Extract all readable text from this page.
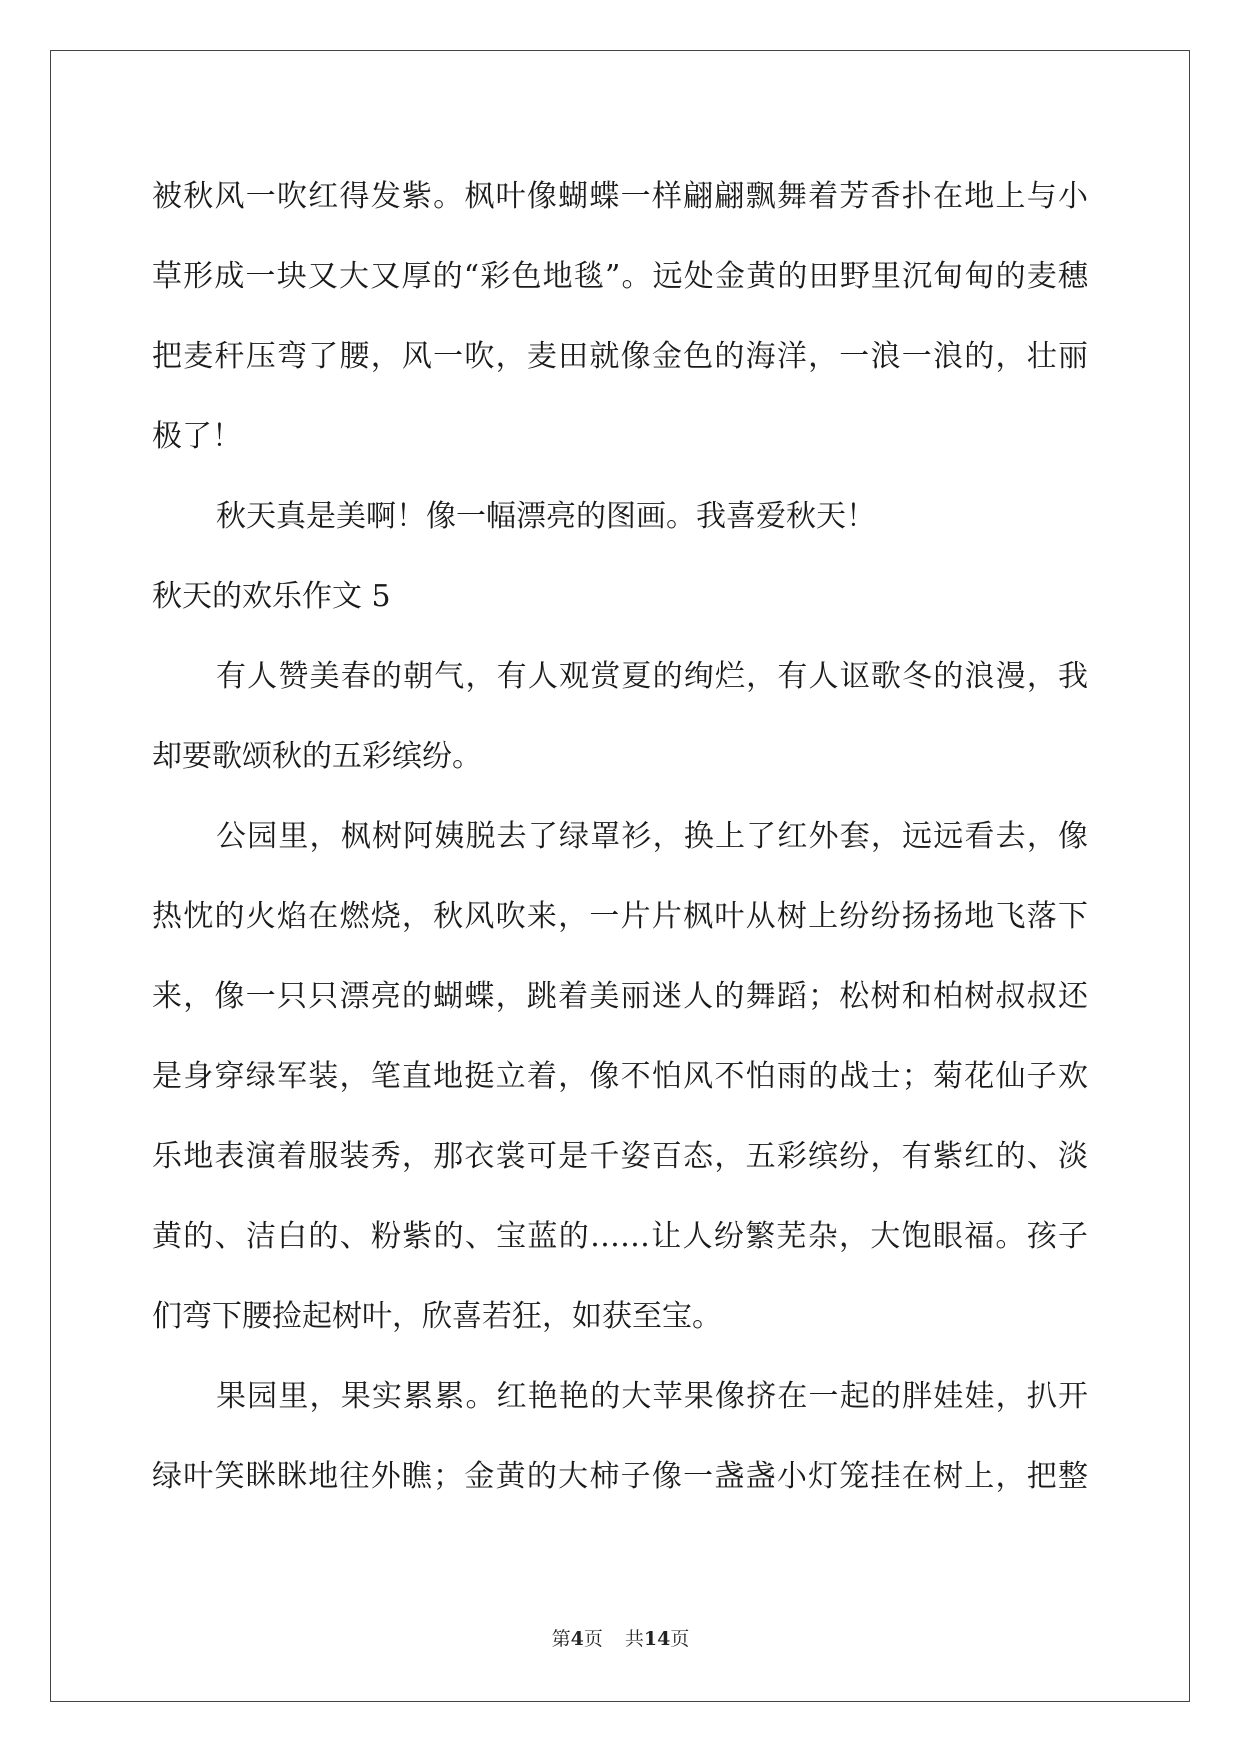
被秋风一吹红得发紫。枫叶像蝴蝶一样翩翩飘舞着芳香扑在地上与小
草形成一块又大又厚的“彩色地毯”。远处金黄的田野里沉甸甸的麦穗
把麦秆压弯了腰，风一吹，麦田就像金色的海洋，一浪一浪的，壮丽
极了！
秋天真是美啊！像一幅漂亮的图画。我喜爱秋天！
秋天的欢乐作文 5
有人赞美春的朝气，有人观赏夏的绚烂，有人讴歌冬的浪漫，我
却要歌颂秋的五彩缤纷。
公园里，枫树阿姨脱去了绿罩衫，换上了红外套，远远看去，像
热忱的火焰在燃烧，秋风吹来，一片片枫叶从树上纷纷扬扬地飞落下
来，像一只只漂亮的蝴蝶，跳着美丽迷人的舞蹈；松树和柏树叔叔还
是身穿绿军装，笔直地挺立着，像不怕风不怕雨的战士；菊花仙子欢
乐地表演着服装秀，那衣裳可是千姿百态，五彩缤纷，有紫红的、淡
黄的、洁白的、粉紫的、宝蓝的……让人纷繁芜杂，大饱眼福。孩子
们弯下腰捡起树叶，欣喜若狂，如获至宝。
果园里，果实累累。红艳艳的大苹果像挤在一起的胖娃娃，扒开
绿叶笑眯眯地往外瞧；金黄的大柿子像一盏盏小灯笼挂在树上，把整
第4页 共14页
